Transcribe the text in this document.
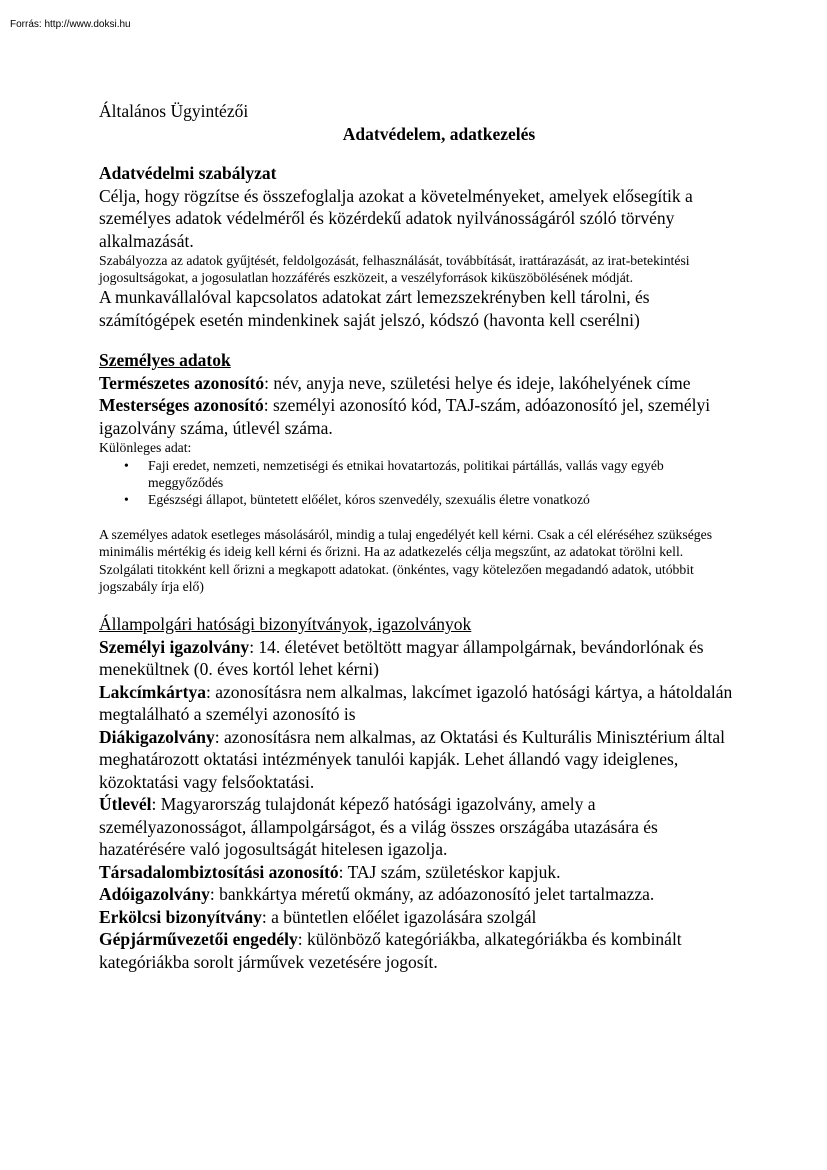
Forrás: http://www.doksi.hu

Általános Ügyintézői

Adatvédelem, adatkezelés

Adatvédelmi szabályzat

Célja, hogy rögzítse és összefoglalja azokat a követelményeket, amelyek elősegítik a személyes adatok védelméről és közérdekű adatok nyilvánosságáról szóló törvény alkalmazását.

Szabályozza az adatok gyűjtését, feldolgozását, felhasználását, továbbítását, irattárazását, az irat-betekintési jogosultságokat, a jogosulatlan hozzáférés eszközeit, a veszélyforrások kiküszöbölésének módját.

A munkavállalóval kapcsolatos adatokat zárt lemezszekrényben kell tárolni, és számítógépek esetén mindenkinek saját jelszó, kódszó (havonta kell cserélni)

Személyes adatok

Természetes azonosító: név, anyja neve, születési helye és ideje, lakóhelyének címe

Mesterséges azonosító: személyi azonosító kód, TAJ-szám, adóazonosító jel, személyi igazolvány száma, útlevél száma.

Különleges adat:

• Faji eredet, nemzeti, nemzetiségi és etnikai hovatartozás, politikai pártállás, vallás vagy egyéb meggyőződés
• Egészségi állapot, büntetett előélet, kóros szenvedély, szexuális életre vonatkozó

A személyes adatok esetleges másolásáról, mindig a tulaj engedélyét kell kérni. Csak a cél eléréséhez szükséges minimális mértékig és ideig kell kérni és őrizni. Ha az adatkezelés célja megszűnt, az adatokat törölni kell. Szolgálati titokként kell őrizni a megkapott adatokat. (önkéntes, vagy kötelezően megadandó adatok, utóbbit jogszabály írja elő)

Állampolgári hatósági bizonyítványok, igazolványok

Személyi igazolvány: 14. életévet betöltött magyar állampolgárnak, bevándorlónak és menekültnek (0. éves kortól lehet kérni)

Lakcímkártya: azonosításra nem alkalmas, lakcímet igazoló hatósági kártya, a hátoldalán megtalálható a személyi azonosító is

Diákigazolvány: azonosításra nem alkalmas, az Oktatási és Kulturális Minisztérium által meghatározott oktatási intézmények tanulói kapják. Lehet állandó vagy ideiglenes, közoktatási vagy felsőoktatási.

Útlevél: Magyarország tulajdonát képező hatósági igazolvány, amely a személyazonosságot, állampolgárságot, és a világ összes országába utazására és hazatérésére való jogosultságát hitelesen igazolja.

Társadalombiztosítási azonosító: TAJ szám, születéskor kapjuk.

Adóigazolvány: bankkártya méretű okmány, az adóazonosító jelet tartalmazza.

Erkölcsi bizonyítvány: a büntetlen előélet igazolására szolgál

Gépjárművezetői engedély: különböző kategóriákba, alkategóriákba és kombinált kategóriákba sorolt járművek vezetésére jogosít.
